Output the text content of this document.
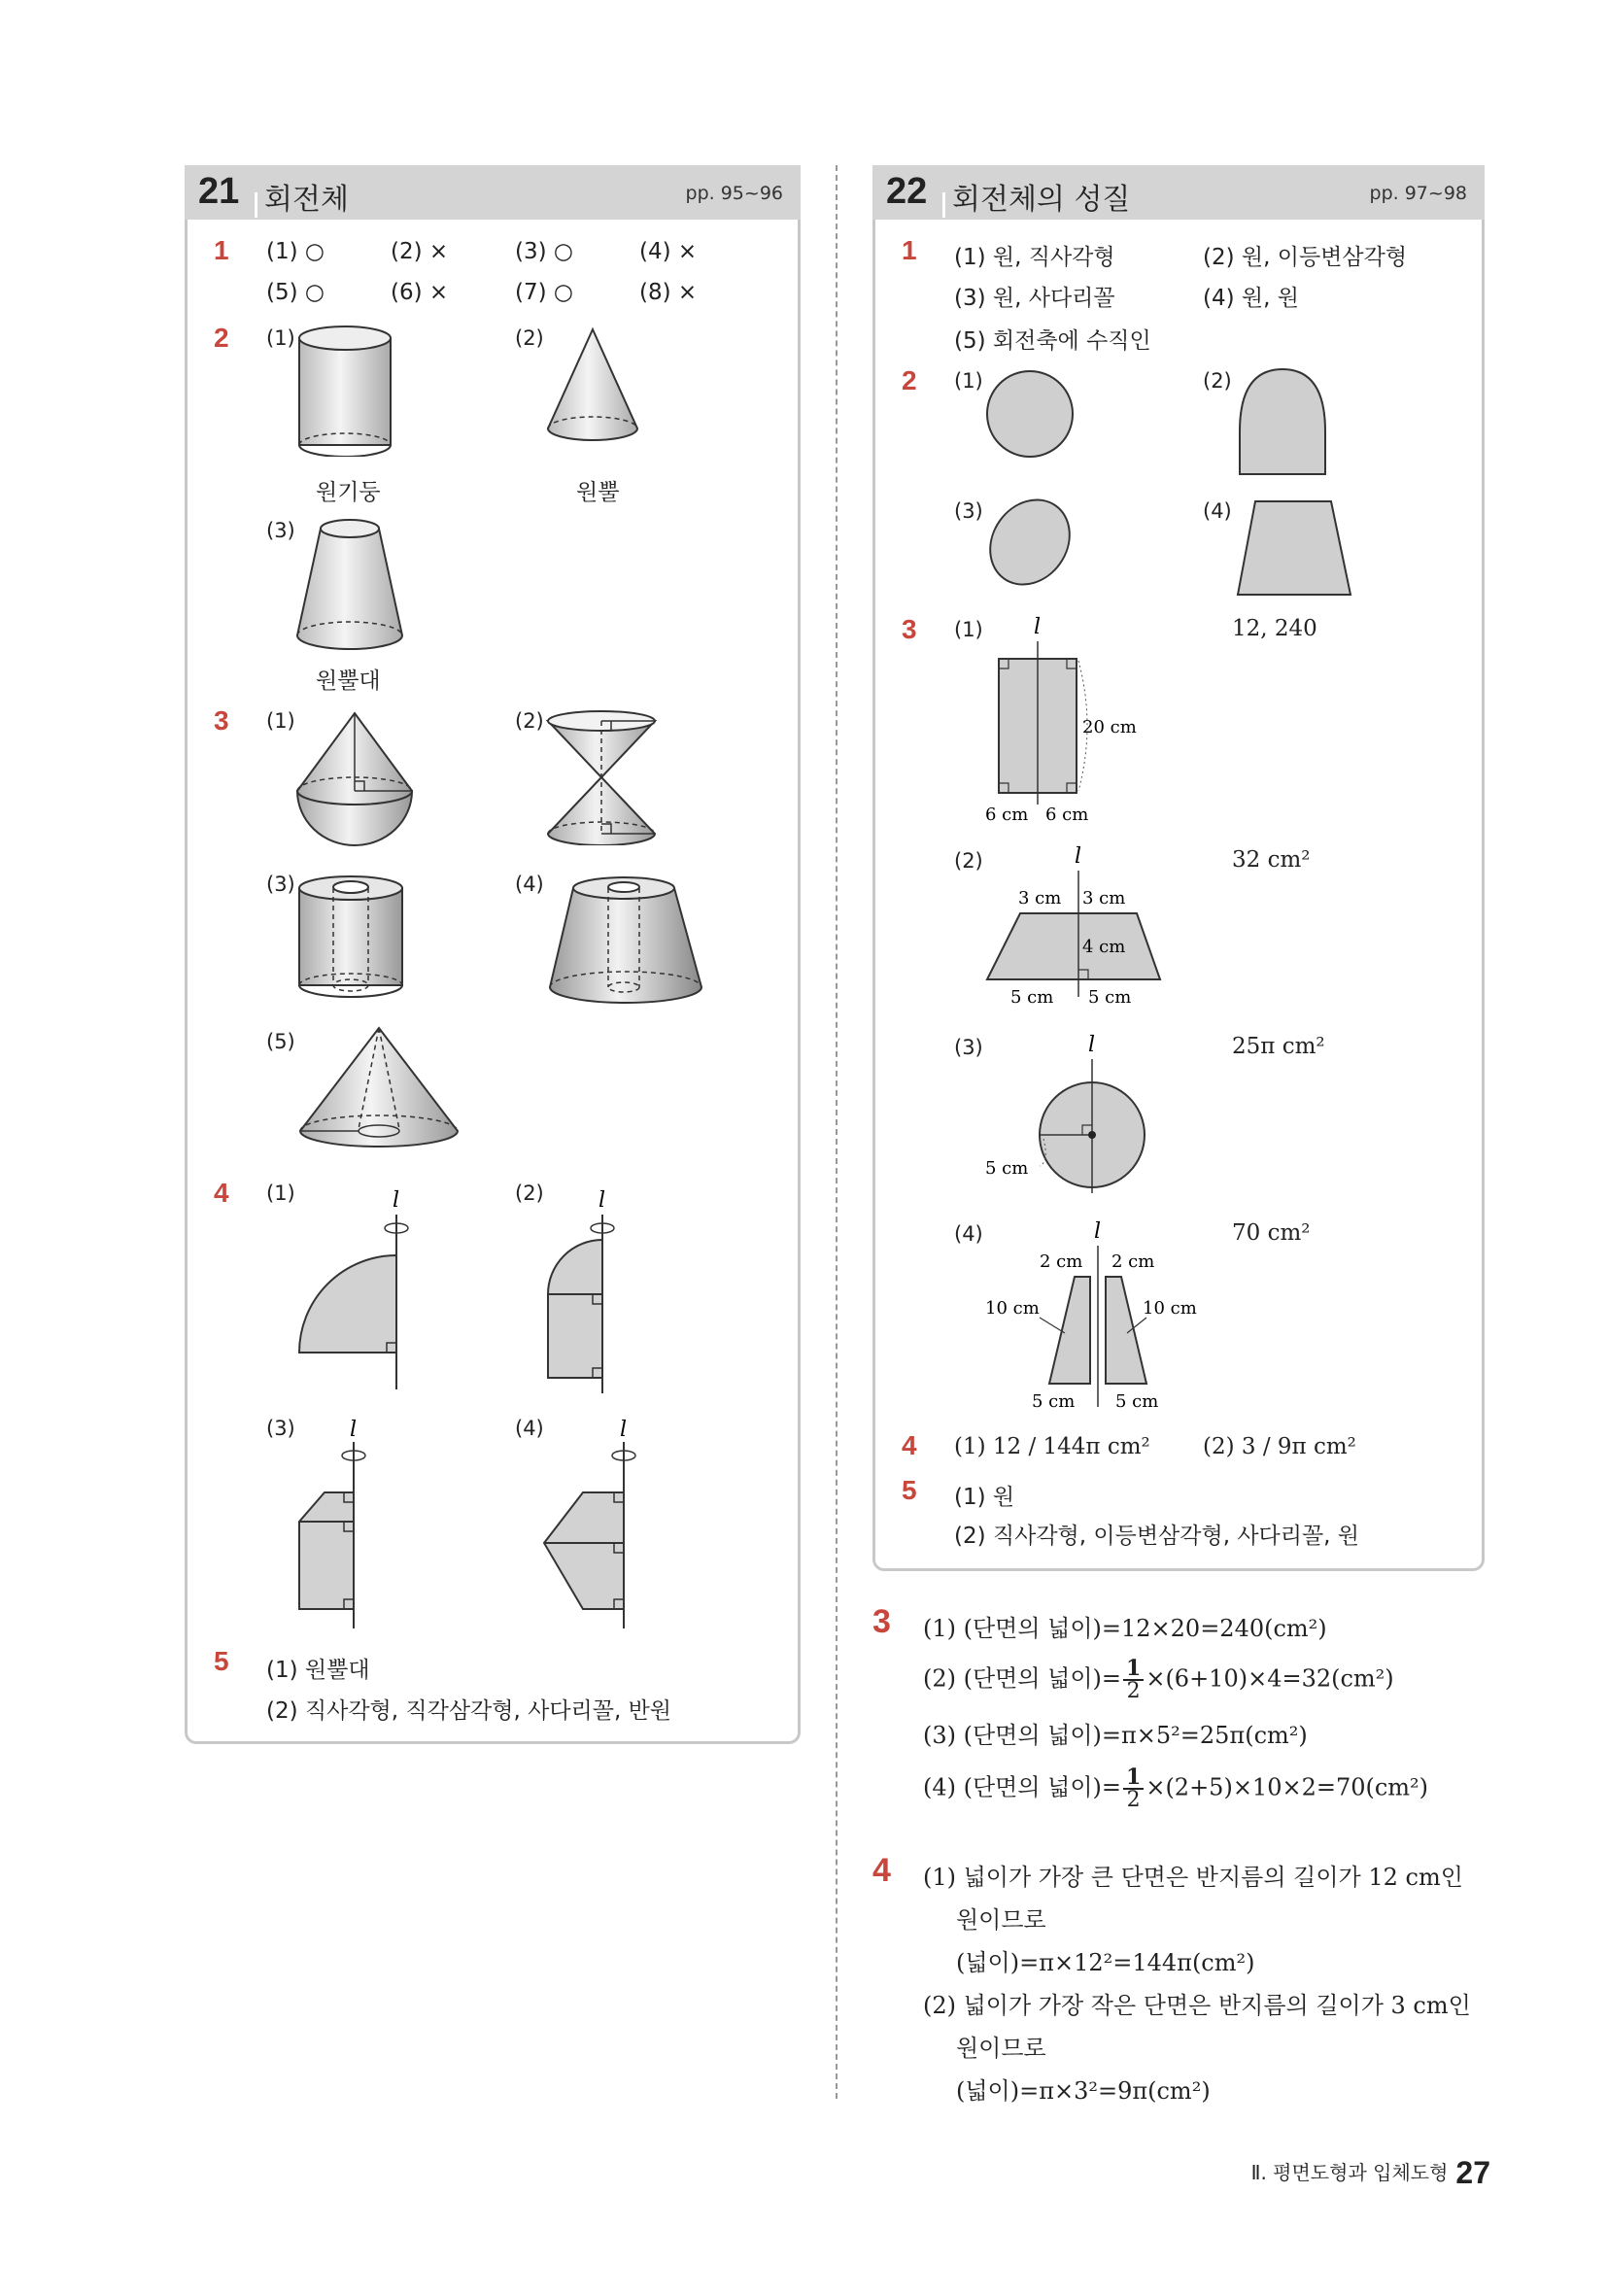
21 회전체	pp. 95~96
1 (1) ○	(2) ×	(3) ○	(4) ×
(5) ○	(6) ×	(7) ○	(8) ×
2 (1)	(2)
원기둥	원뿔
(3)
원뿔대
3 (1)	(2)
(3)	(4)
(5)
4 (1)	(2)
l	l
(3)	(4)
l	l
5 (1) 원뿔대
(2) 직사각형, 직각삼각형, 사다리꼴, 반원
22 회전체의 성질	pp. 97~98
1 (1) 원, 직사각형	(2) 원, 이등변삼각형
(3) 원, 사다리꼴	(4) 원, 원
(5) 회전축에 수직인
2 (1)	(2)
(3)	(4)
3 (1)	12, 240
l
20 cm
6 cm 6 cm
(2)	32 cm²
l
3 cm 3 cm
4 cm
5 cm 5 cm
(3)	25π cm²
l
5 cm
(4)	70 cm²
l
2 cm 2 cm
10 cm	10 cm
5 cm 5 cm
4 (1) 12 / 144π cm² (2) 3 / 9π cm²
5 (1) 원
(2) 직사각형, 이등변삼각형, 사다리꼴, 원
3 (1) (단면의 넓이)=12×20=240(cm²)
(2) (단면의 넓이)= $\frac{1}{2} \times(6+10)\times 4=32(cm^2)$
(3) (단면의 넓이)=π×5²=25π(cm²)
(4) (단면의 넓이)= $\frac{1}{2} \times(2+5)\times 10\times 2=70(cm^2)$
4 (1) 넓이가 가장 큰 단면은 반지름의 길이가 12 cm인
원이므로
(넓이)=π×12²=144π(cm²)
(2) 넓이가 가장 작은 단면은 반지름의 길이가 3 cm인
원이므로
(넓이)=π×3²=9π(cm²)
Ⅱ. 평면도형과 입체도형 27
